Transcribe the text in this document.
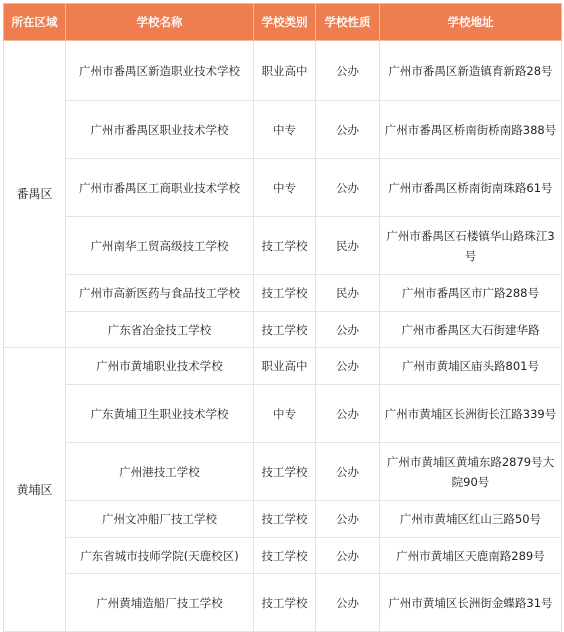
所在区域	学校名称	学校类别	学校性质	学校地址
番禺区	广州市番禺区新造职业技术学校	职业高中	公办	广州市番禺区新造镇育新路28号
	广州市番禺区职业技术学校	中专	公办	广州市番禺区桥南街桥南路388号
	广州市番禺区工商职业技术学校	中专	公办	广州市番禺区桥南街南珠路61号
	广州南华工贸高级技工学校	技工学校	民办	广州市番禺区石楼镇华山路珠江3号
	广州市高新医药与食品技工学校	技工学校	民办	广州市番禺区市广路288号
	广东省冶金技工学校	技工学校	公办	广州市番禺区大石街建华路
黄埔区	广州市黄埔职业技术学校	职业高中	公办	广州市黄埔区庙头路801号
	广东黄埔卫生职业技术学校	中专	公办	广州市黄埔区长洲街长江路339号
	广州港技工学校	技工学校	公办	广州市黄埔区黄埔东路2879号大院90号
	广州文冲船厂技工学校	技工学校	公办	广州市黄埔区红山三路50号
	广东省城市技师学院(天鹿校区)	技工学校	公办	广州市黄埔区天鹿南路289号
	广州黄埔造船厂技工学校	技工学校	公办	广州市黄埔区长洲街金蝶路31号
